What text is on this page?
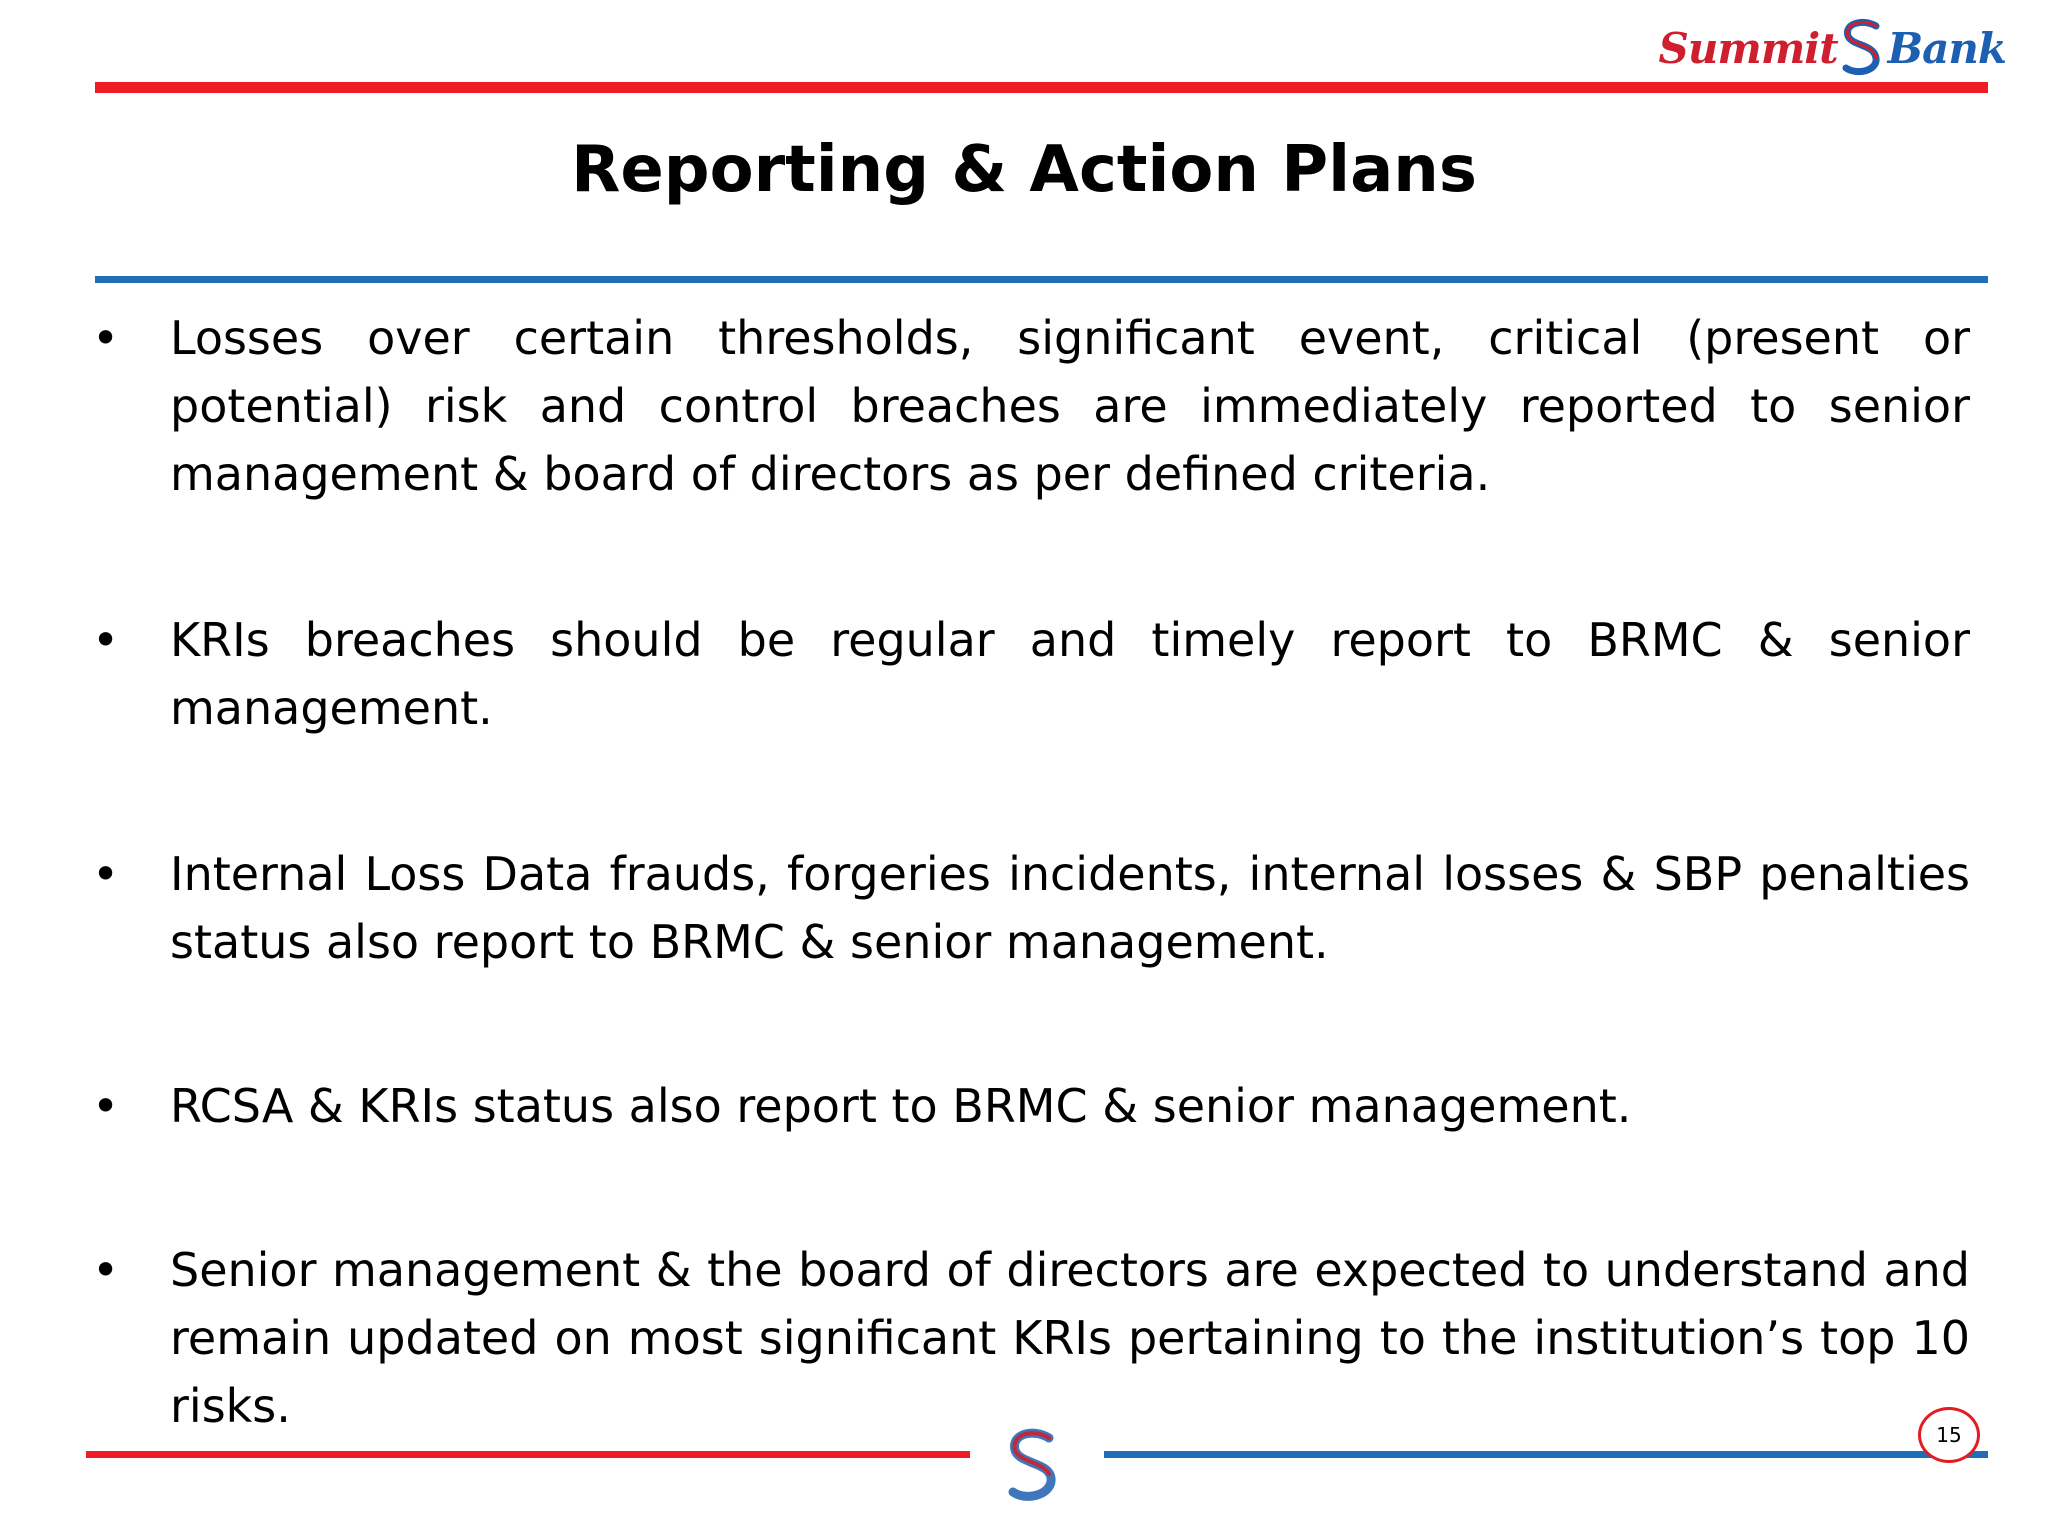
Summit Bank
Reporting & Action Plans
• Losses over certain thresholds, significant event, critical (present or potential) risk and control breaches are immediately reported to senior management & board of directors as per defined criteria.
• KRIs breaches should be regular and timely report to BRMC & senior management.
• Internal Loss Data frauds, forgeries incidents, internal losses & SBP penalties status also report to BRMC & senior management.
• RCSA & KRIs status also report to BRMC & senior management.
• Senior management & the board of directors are expected to understand and remain updated on most significant KRIs pertaining to the institution’s top 10 risks.
15
